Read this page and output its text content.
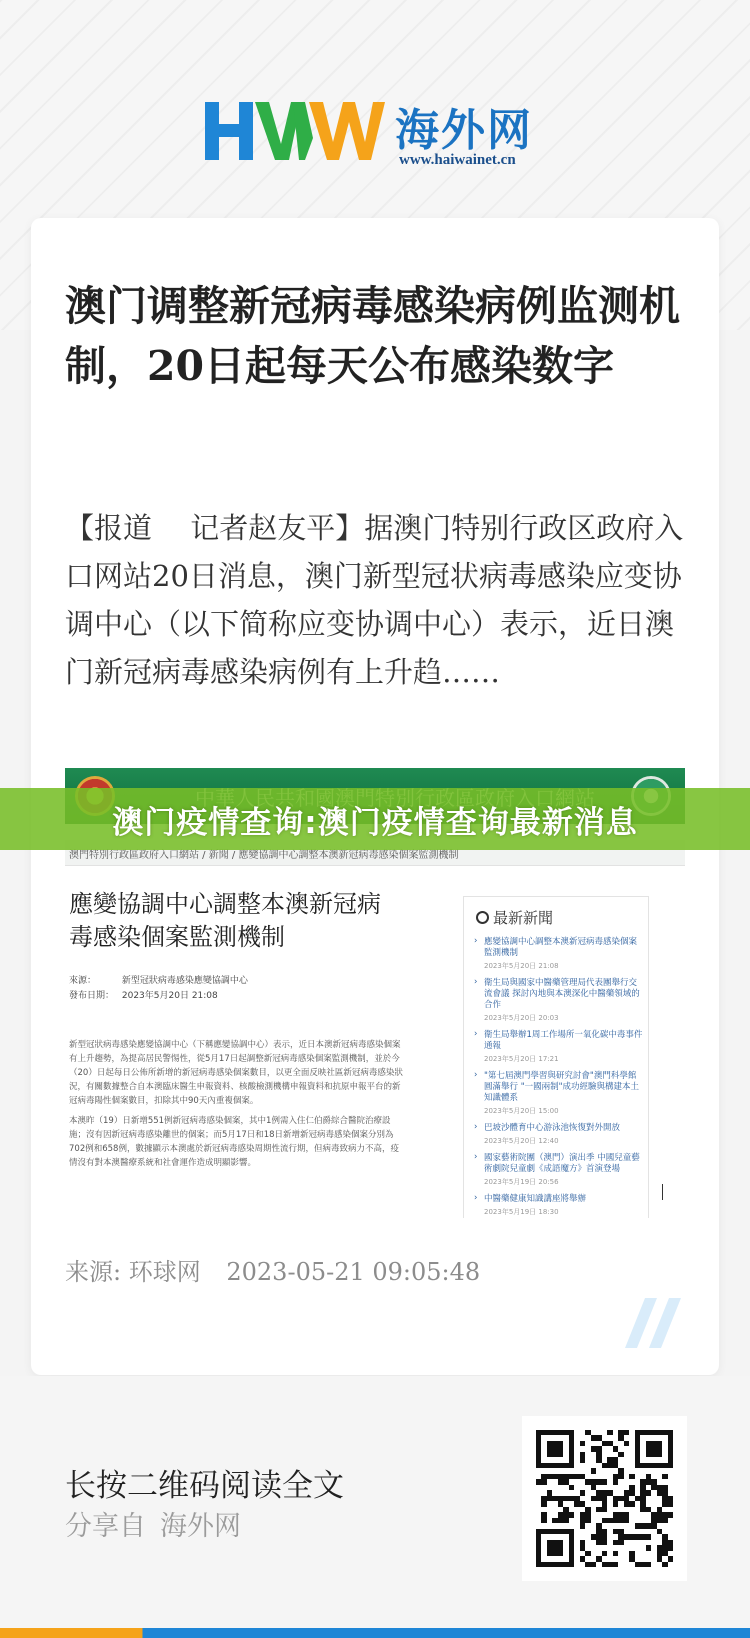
海外网
www.haiwainet.cn
澳门调整新冠病毒感染病例监测机制，20日起每天公布感染数字
【报道　 记者赵友平】据澳门特别行政区政府入口网站20日消息，澳门新型冠状病毒感染应变协调中心（以下简称应变协调中心）表示，近日澳门新冠病毒感染病例有上升趋……
澳門特別行政區政府入口網站 / 新聞 / 應變協調中心調整本澳新冠病毒感染個案監測機制
應變協調中心調整本澳新冠病毒感染個案監測機制
來源：	新型冠狀病毒感染應變協調中心
發布日期： 2023年5月20日 21:08

新型冠狀病毒感染應變協調中心（下稱應變協調中心）表示，近日本澳新冠病毒感染個案有上升趨勢，為提高居民警惕性，從5月17日起調整新冠病毒感染個案監測機制，並於今（20）日起每日公佈所新增的新冠病毒感染個案數目，以更全面反映社區新冠病毒感染狀況，有關數據整合自本澳臨床醫生申報資料、核酸檢測機構申報資料和抗原申報平台的新冠病毒陽性個案數目，扣除其中90天內重複個案。

本澳昨（19）日新增551例新冠病毒感染個案，其中1例需入住仁伯爵綜合醫院治療設施；沒有因新冠病毒感染離世的個案；而5月17日和18日新增新冠病毒感染個案分別為702例和658例，數據顯示本澳處於新冠病毒感染周期性流行期，但病毒致病力不高，疫情沒有對本澳醫療系統和社會運作造成明顯影響。

最新新聞
› 應變協調中心調整本澳新冠病毒感染個案監測機制
2023年5月20日 21:08
› 衛生局與國家中醫藥管理局代表團舉行交流會議 探討內地與本澳深化中醫藥領域的合作
2023年5月20日 20:03
› 衛生局舉辦1周工作場所一氧化碳中毒事件通報
2023年5月20日 17:21
› "第七屆澳門學習與研究討會"澳門科學館圓滿舉行 "一國兩制"成功經驗與構建本土知識體系
2023年5月20日 15:00
› 巴坡沙體育中心游泳池恢復對外開放
2023年5月20日 12:40
› 國家藝術院團（澳門）演出季 中國兒童藝術劇院兒童劇《成語魔方》首演登場
2023年5月19日 20:56
› 中醫藥健康知識講座將舉辦
2023年5月19日 18:30
来源: 环球网 2023-05-21 09:05:48
澳门疫情查询:澳门疫情查询最新消息
长按二维码阅读全文
分享自 海外网
